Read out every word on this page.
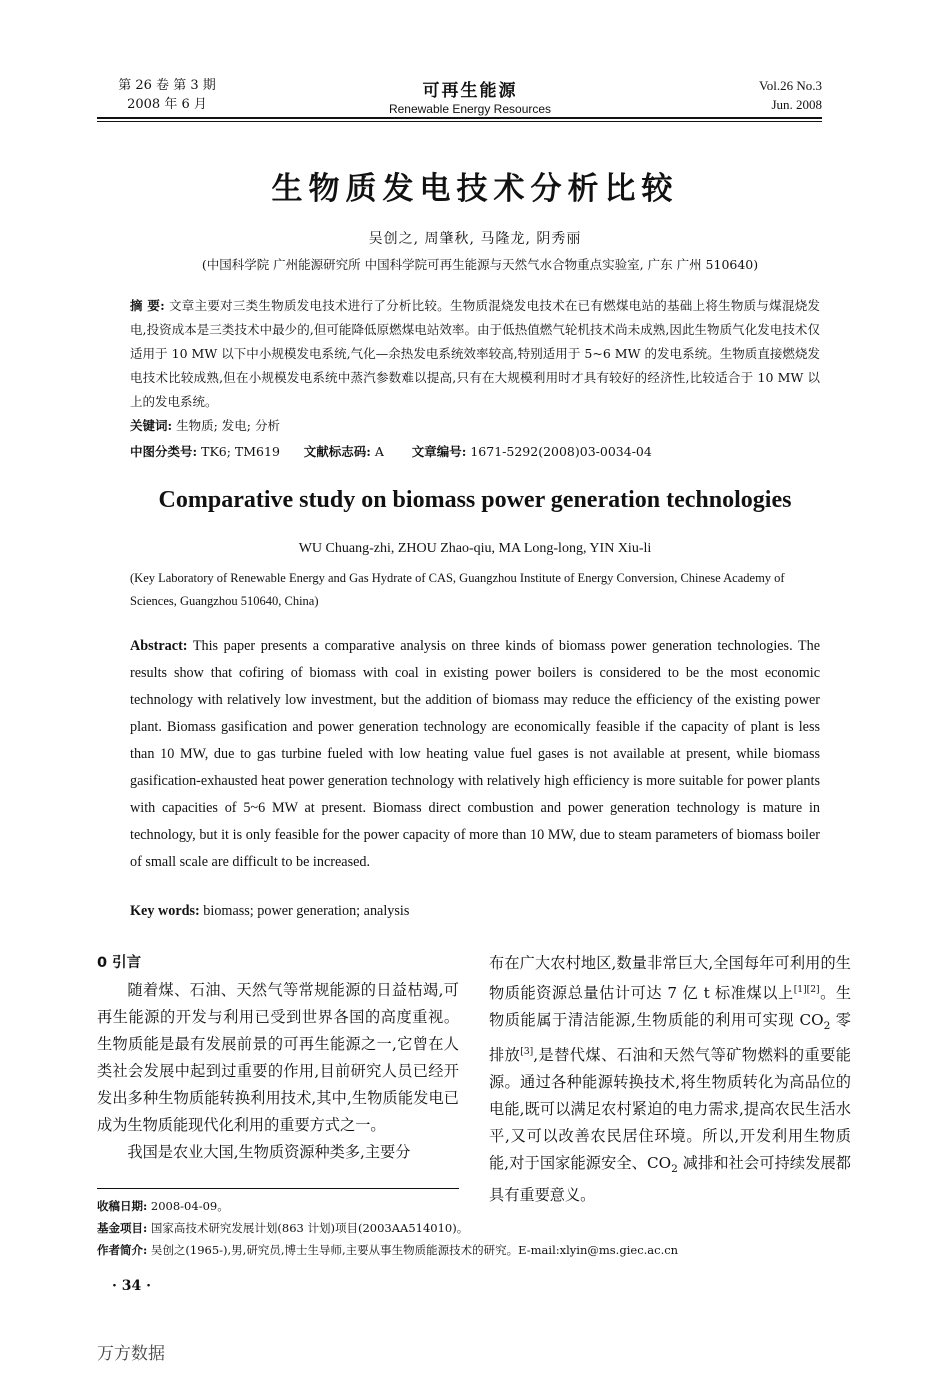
第 26 卷 第 3 期
2008 年 6 月
可再生能源
Renewable Energy Resources
Vol.26 No.3
Jun. 2008
生物质发电技术分析比较
吴创之, 周肇秋, 马隆龙, 阴秀丽
(中国科学院 广州能源研究所 中国科学院可再生能源与天然气水合物重点实验室, 广东 广州 510640)
摘 要: 文章主要对三类生物质发电技术进行了分析比较。生物质混烧发电技术在已有燃煤电站的基础上将生物质与煤混烧发电,投资成本是三类技术中最少的,但可能降低原燃煤电站效率。由于低热值燃气轮机技术尚未成熟,因此生物质气化发电技术仅适用于 10 MW 以下中小规模发电系统,气化—余热发电系统效率较高,特别适用于 5~6 MW 的发电系统。生物质直接燃烧发电技术比较成熟,但在小规模发电系统中蒸汽参数难以提高,只有在大规模利用时才具有较好的经济性,比较适合于 10 MW 以上的发电系统。
关键词: 生物质; 发电; 分析
中图分类号: TK6; TM619 文献标志码: A 文章编号: 1671-5292(2008)03-0034-04
Comparative study on biomass power generation technologies
WU Chuang-zhi, ZHOU Zhao-qiu, MA Long-long, YIN Xiu-li
(Key Laboratory of Renewable Energy and Gas Hydrate of CAS, Guangzhou Institute of Energy Conversion, Chinese Academy of Sciences, Guangzhou 510640, China)
Abstract: This paper presents a comparative analysis on three kinds of biomass power generation technologies. The results show that cofiring of biomass with coal in existing power boilers is considered to be the most economic technology with relatively low investment, but the addition of biomass may reduce the efficiency of the existing power plant. Biomass gasification and power generation technology are economically feasible if the capacity of plant is less than 10 MW, due to gas turbine fueled with low heating value fuel gases is not available at present, while biomass gasification-exhausted heat power generation technology with relatively high efficiency is more suitable for power plants with capacities of 5~6 MW at present. Biomass direct combustion and power generation technology is mature in technology, but it is only feasible for the power capacity of more than 10 MW, due to steam parameters of biomass boiler of small scale are difficult to be increased.
Key words: biomass; power generation; analysis
0 引言
随着煤、石油、天然气等常规能源的日益枯竭,可再生能源的开发与利用已受到世界各国的高度重视。生物质能是最有发展前景的可再生能源之一,它曾在人类社会发展中起到过重要的作用,目前研究人员已经开发出多种生物质能转换利用技术,其中,生物质能发电已成为生物质能现代化利用的重要方式之一。
我国是农业大国,生物质资源种类多,主要分
布在广大农村地区,数量非常巨大,全国每年可利用的生物质能资源总量估计可达 7 亿 t 标准煤以上[1][2]。生物质能属于清洁能源,生物质能的利用可实现 $CO_2$ 零排放[3],是替代煤、石油和天然气等矿物燃料的重要能源。通过各种能源转换技术,将生物质转化为高品位的电能,既可以满足农村紧迫的电力需求,提高农民生活水平,又可以改善农民居住环境。所以,开发利用生物质能,对于国家能源安全、$CO_2$ 减排和社会可持续发展都具有重要意义。
收稿日期: 2008-04-09。
基金项目: 国家高技术研究发展计划(863 计划)项目(2003AA514010)。
作者简介: 吴创之(1965-),男,研究员,博士生导师,主要从事生物质能源技术的研究。E-mail:xlyin@ms.giec.ac.cn
· 34 ·
万方数据
